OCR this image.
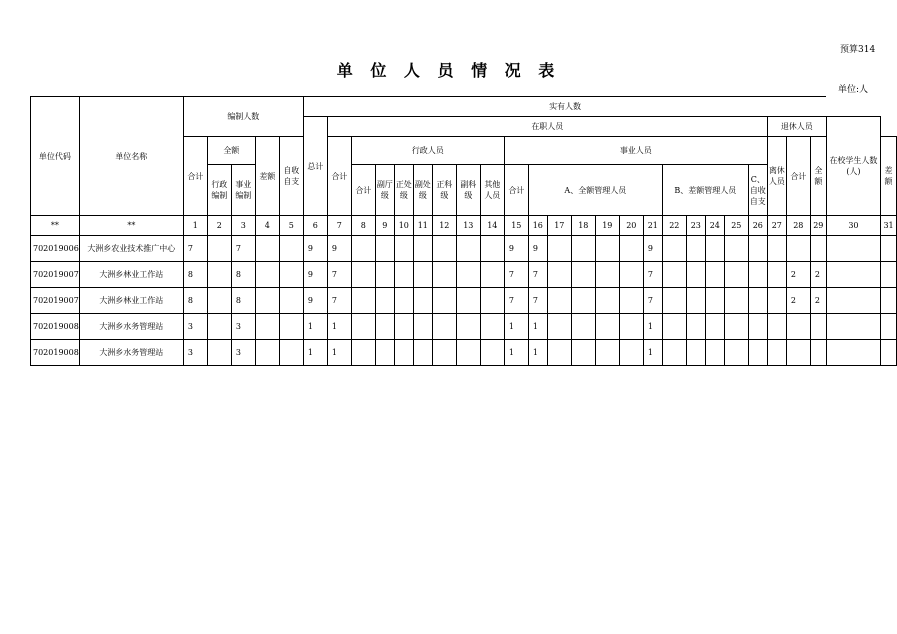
预算314
单 位 人 员 情 况 表
单位:人
单位代码	单位名称	编制人数					实有人数																									
							总计	在职人员																				退休人员			在校学生人数(人)	
		合计	全额		差额	自收自支		合计	行政人员							事业人员												离休人员	合计	全额		差额
			行政编制	事业编制					合计	副厅级	正处级	副处级	正科级	副科级	其他人员	合计	A、全额管理人员						B、差额管理人员				C、自收自支					

**	**	1	2	3	4	5	6	7	8	9	10	11	12	13	14	15	16	17	18	19	20	21	22	23	24	25	26	27	28	29	30	31
702019006	大洲乡农业技术推广中心	7		7			9	9								9	9					9										
702019007	大洲乡林业工作站	8		8			9	7								7	7					7							2	2		
702019007	大洲乡林业工作站	8		8			9	7								7	7					7							2	2		
702019008	大洲乡水务管理站	3		3			1	1								1	1					1										
702019008	大洲乡水务管理站	3		3			1	1								1	1					1										
